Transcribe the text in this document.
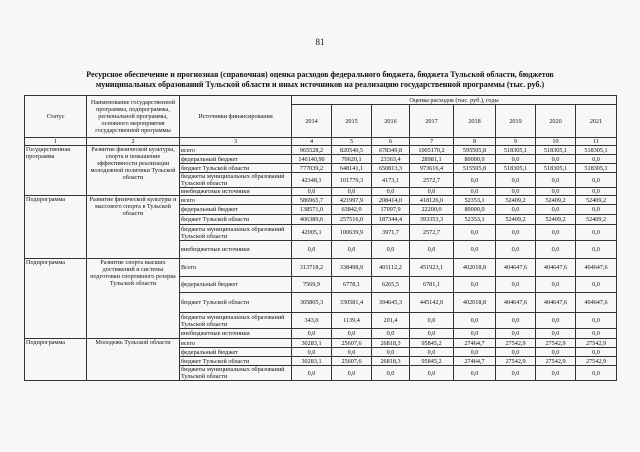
81
Ресурсное обеспечение и прогнозная (справочная) оценка расходов федерального бюджета, бюджета Тульской области, бюджетов
муниципальных образований Тульской области и иных источников на реализацию государственной программы (тыс. руб.)
Статус	Наименование государственной программы, подпрограммы, региональной программы, основного мероприятия государственной программы	Источники финансирования	Оценка расходов (тыс. руб.), годы							
			2014	2015	2016	2017	2018	2019	2020	2021
1	2	3	4	5	6	7	8	9	10	11
Государственная программа	Развитие физической культуры, спорта и повышение эффективности реализации молодежной политики Тульской области	всего	965528,2	820540,5	678349,8	1005170,2	595505,8	518305,1	518305,1	518305,1
		федеральный бюджет	146140,90	70620,1	23363,4	28981,1	80000,0	0,0	0,0	0,0
		бюджет Тульской области	777039,2	648141,1	650813,3	973616,4	515505,8	518305,1	518305,1	518305,1
		бюджеты муниципальных образований Тульской области	42348,1	101779,3	4173,1	2572,7	0,0	0,0	0,0	0,0
		внебюджетные источники	0,0	0,0	0,0	0,0	0,0	0,0	0,0	0,0
Подпрограмма	Развитие физической культуры и массового спорта в Тульской области	всего	586965,7	421997,9	208414,0	418126,0	52353,1	52409,2	52409,2	52409,2
		федеральный бюджет	138571,0	63842,0	17097,9	22200,0	80000,0	0,0	0,0	0,0
		бюджет Тульской области	406389,6	257516,0	187344,4	393353,3	52353,1	52409,2	52409,2	52409,2
		бюджеты муниципальных образований Тульской области	42005,1	100639,9	3971,7	2572,7	0,0	0,0	0,0	0,0
		внебюджетные источники	0,0	0,0	0,0	0,0	0,0	0,0	0,0	0,0
Подпрограмма	Развитие спорта высших достижений и системы подготовки спортивного резерва Тульской области	Всего	313718,2	338498,9	401112,2	451923,1	402018,8	404647,6	404647,6	404647,6
		федеральный бюджет	7569,9	6778,1	6265,5	6781,1	0,0	0,0	0,0	0,0
		бюджет Тульской области	305805,3	330581,4	394645,3	445142,0	402018,8	404647,6	404647,6	404647,6
		бюджеты муниципальных образований Тульской области	343,0	1139,4	201,4	0,0	0,0	0,0	0,0	0,0
		внебюджетные источники	0,0	0,0	0,0	0,0	0,0	0,0	0,0	0,0
Подпрограмма	Молодежь Тульской области	всего	30283,1	25607,6	26818,3	95845,2	27464,7	27542,9	27542,9	27542,9
		федеральный бюджет	0,0	0,0	0,0	0,0	0,0	0,0	0,0	0,0
		бюджет Тульской области	30283,1	25607,6	26818,3	95845,2	27464,7	27542,9	27542,9	27542,9
		бюджеты муниципальных образований Тульской области	0,0	0,0	0,0	0,0	0,0	0,0	0,0	0,0
